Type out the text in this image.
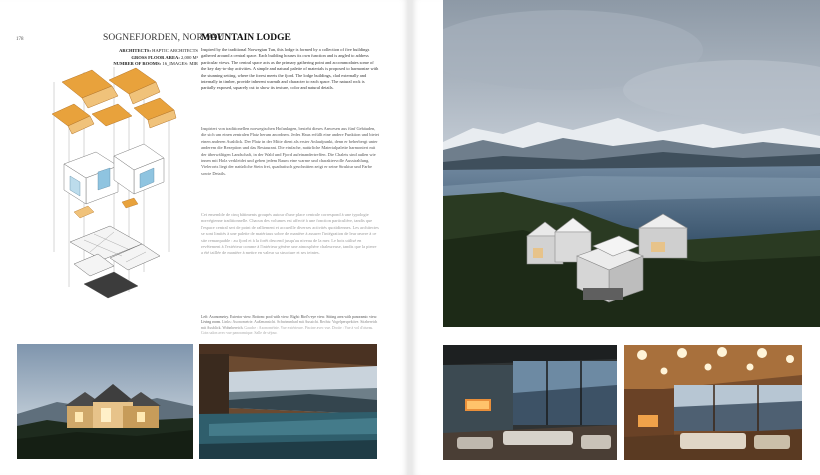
178	SOGNEFJORDEN, NORWAY
MOUNTAIN LODGE
ARCHITECTS: HAPTIC ARCHITECTS
GROSS FLOOR AREA: 2,000 M²
NUMBER OF ROOMS: 16_IMAGES: MIR

Inspired by the traditional Norwegian Tun, this lodge is formed by a collection of five buildings gathered around a central space. Each building houses its own function and is angled to address particular views. The central space acts as the primary gathering point and accommodates some of the key day-to-day activities. A simple and natural palette of materials is proposed to harmonize with the stunning setting, where the forest meets the fjord. The lodge buildings, clad externally and internally in timber, provide inherent warmth and character to each space. The natural rock is partially exposed, squarely cut to show its texture, color and natural details.

Inspiriert von traditionellen norwegischen Hofanlagen, besteht dieses Anwesen aus fünf Gebäuden, die sich um einen zentralen Platz herum anordnen. Jedes Haus erfüllt eine andere Funktion und bietet einen anderen Ausblick. Der Platz in der Mitte dient als erster Anlaufpunkt, denn er beherbergt unter anderem die Rezeption und das Restaurant. Die einfache, natürliche Materialpalette harmoniert mit der überwältigen Landschaft, in der Wald und Fjord aufeinandertreffen. Die Chalets sind außen wie innen mit Holz verkleidet und geben jedem Raum eine warme und charaktervolle Ausstrahlung. Vielerorts liegt der natürliche Stein frei, quadratisch geschnitten zeigt er seine Struktur und Farbe sowie Details.

Cet ensemble de cinq bâtiments groupés autour d'une place centrale correspond à une typologie norvégienne traditionnelle. Chacun des volumes est affecté à une fonction particulière, tandis que l'espace central sert de point de ralliement et accueille diverses activités quotidiennes. Les architectes se sont limités à une palette de matériaux sobre de manière à assurer l'intégration de leur œuvre à ce site remarquable : au fjord et à la forêt descend jusqu'au niveau de la mer. Le bois utilisé en revêtement à l'extérieur comme à l'intérieur génère une atmosphère chaleureuse, tandis que la pierre a été taillée de manière à mettre en valeur sa structure et ses teintes.

Left: Axonometry. Exterior view. Bottom: pool with view. Right: Bird's-eye view. Sitting area with panoramic view. Living room. Links: Axonometrie. Außenansicht. Schwimmbad mit Aussicht. Rechts: Vogelperspektive. Sitzbereich mit Ausblick. Wohnbereich. Gauche : Axonométrie. Vue extérieure. Piscine avec vue. Droite : Vue à vol d'oiseau. Coin salon avec vue panoramique. Salle de séjour.
